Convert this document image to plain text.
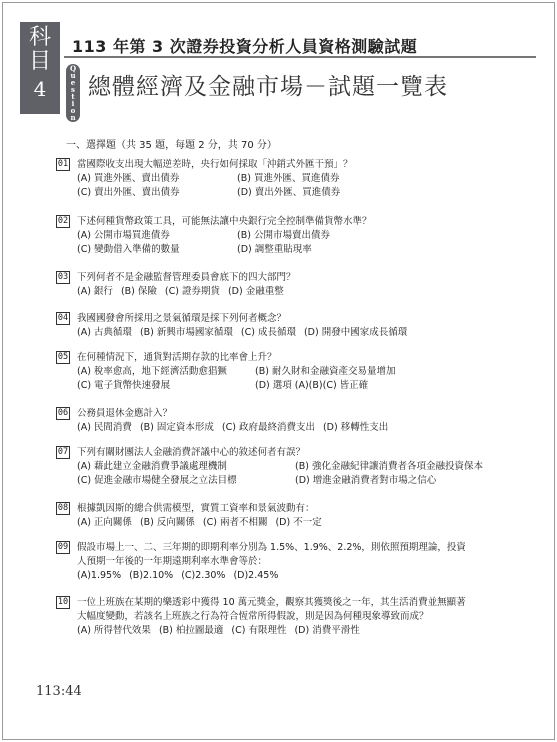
科
目
4
113 年第 3 次證券投資分析人員資格測驗試題
Q
u
e
s
t
i
o
n
總體經濟及金融市場－試題一覽表
一、選擇題（共 35 題，每題 2 分，共 70 分）
01 當國際收支出現大幅逆差時，央行如何採取「沖銷式外匯干預」？
(A) 買進外匯、賣出債券	(B) 買進外匯、買進債券
(C) 賣出外匯、賣出債券	(D) 賣出外匯、買進債券
02 下述何種貨幣政策工具，可能無法讓中央銀行完全控制準備貨幣水準？
(A) 公開市場買進債券	(B) 公開市場賣出債券
(C) 變動借入準備的數量	(D) 調整重貼現率
03 下列何者不是金融監督管理委員會底下的四大部門？
(A) 銀行 (B) 保險 (C) 證券期貨 (D) 金融重整
04 我國國發會所採用之景氣循環是採下列何者概念？
(A) 古典循環 (B) 新興市場國家循環 (C) 成長循環 (D) 開發中國家成長循環
05 在何種情況下，通貨對活期存款的比率會上升？
(A) 稅率愈高，地下經濟活動愈猖獗	(B) 耐久財和金融資產交易量增加
(C) 電子貨幣快速發展	(D) 選項 (A)(B)(C) 皆正確
06 公務員退休金應計入？
(A) 民間消費 (B) 固定資本形成 (C) 政府最終消費支出 (D) 移轉性支出
07 下列有關財團法人金融消費評議中心的敘述何者有誤？
(A) 藉此建立金融消費爭議處理機制	(B) 強化金融紀律讓消費者各項金融投資保本
(C) 促進金融市場健全發展之立法目標	(D) 增進金融消費者對市場之信心
08 根據凱因斯的總合供需模型，實質工資率和景氣波動有：
(A) 正向關係 (B) 反向關係 (C) 兩者不相關 (D) 不一定
09 假設市場上一、二、三年期的即期利率分別為 1.5%、1.9%、2.2%，則依照預期理論，投資
人預期一年後的一年期遠期利率水準會等於：
(A)1.95% (B)2.10% (C)2.30% (D)2.45%
10 一位上班族在某期的樂透彩中獲得 10 萬元獎金，觀察其獲獎後之一年，其生活消費並無顯著
大幅度變動，若該名上班族之行為符合恆常所得假說，則是因為何種現象導致而成？
(A) 所得替代效果 (B) 柏拉圖最適 (C) 有限理性 (D) 消費平滑性
113:44
